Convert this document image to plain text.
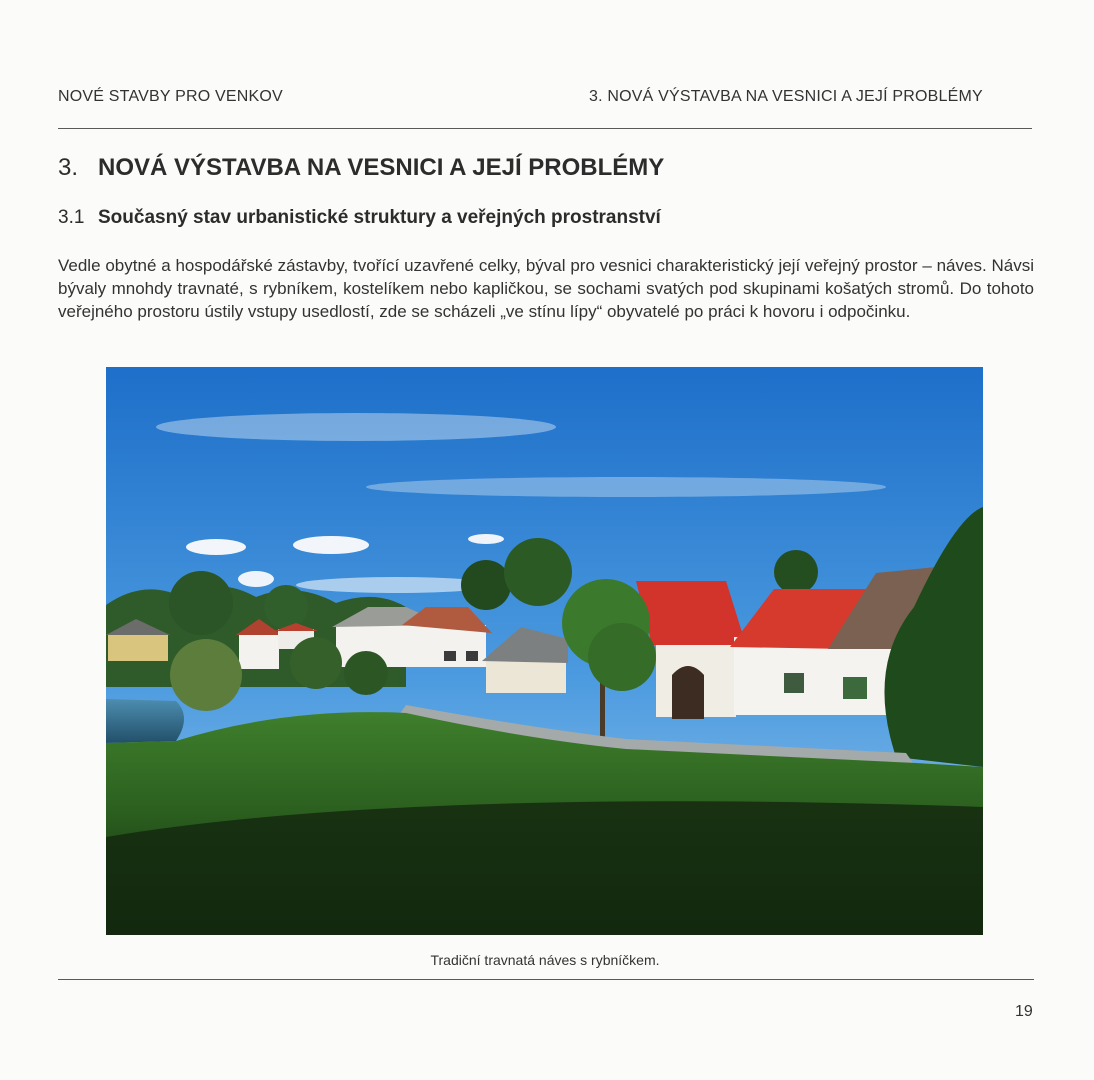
NOVÉ STAVBY PRO VENKOV	3. NOVÁ VÝSTAVBA NA VESNICI A JEJÍ PROBLÉMY
3. NOVÁ VÝSTAVBA NA VESNICI A JEJÍ PROBLÉMY
3.1 Současný stav urbanistické struktury a veřejných prostranství
Vedle obytné a hospodářské zástavby, tvořící uzavřené celky, býval pro vesnici charakteristický její veřejný prostor – náves. Návsi bývaly mnohdy travnaté, s rybníkem, kostelíkem nebo kapličkou, se sochami svatých pod skupinami košatých stromů. Do tohoto veřejného prostoru ústily vstupy usedlostí, zde se scházeli „ve stínu lípy“ obyvatelé po práci k hovoru i odpočinku.
Tradiční travnatá náves s rybníčkem.
19
